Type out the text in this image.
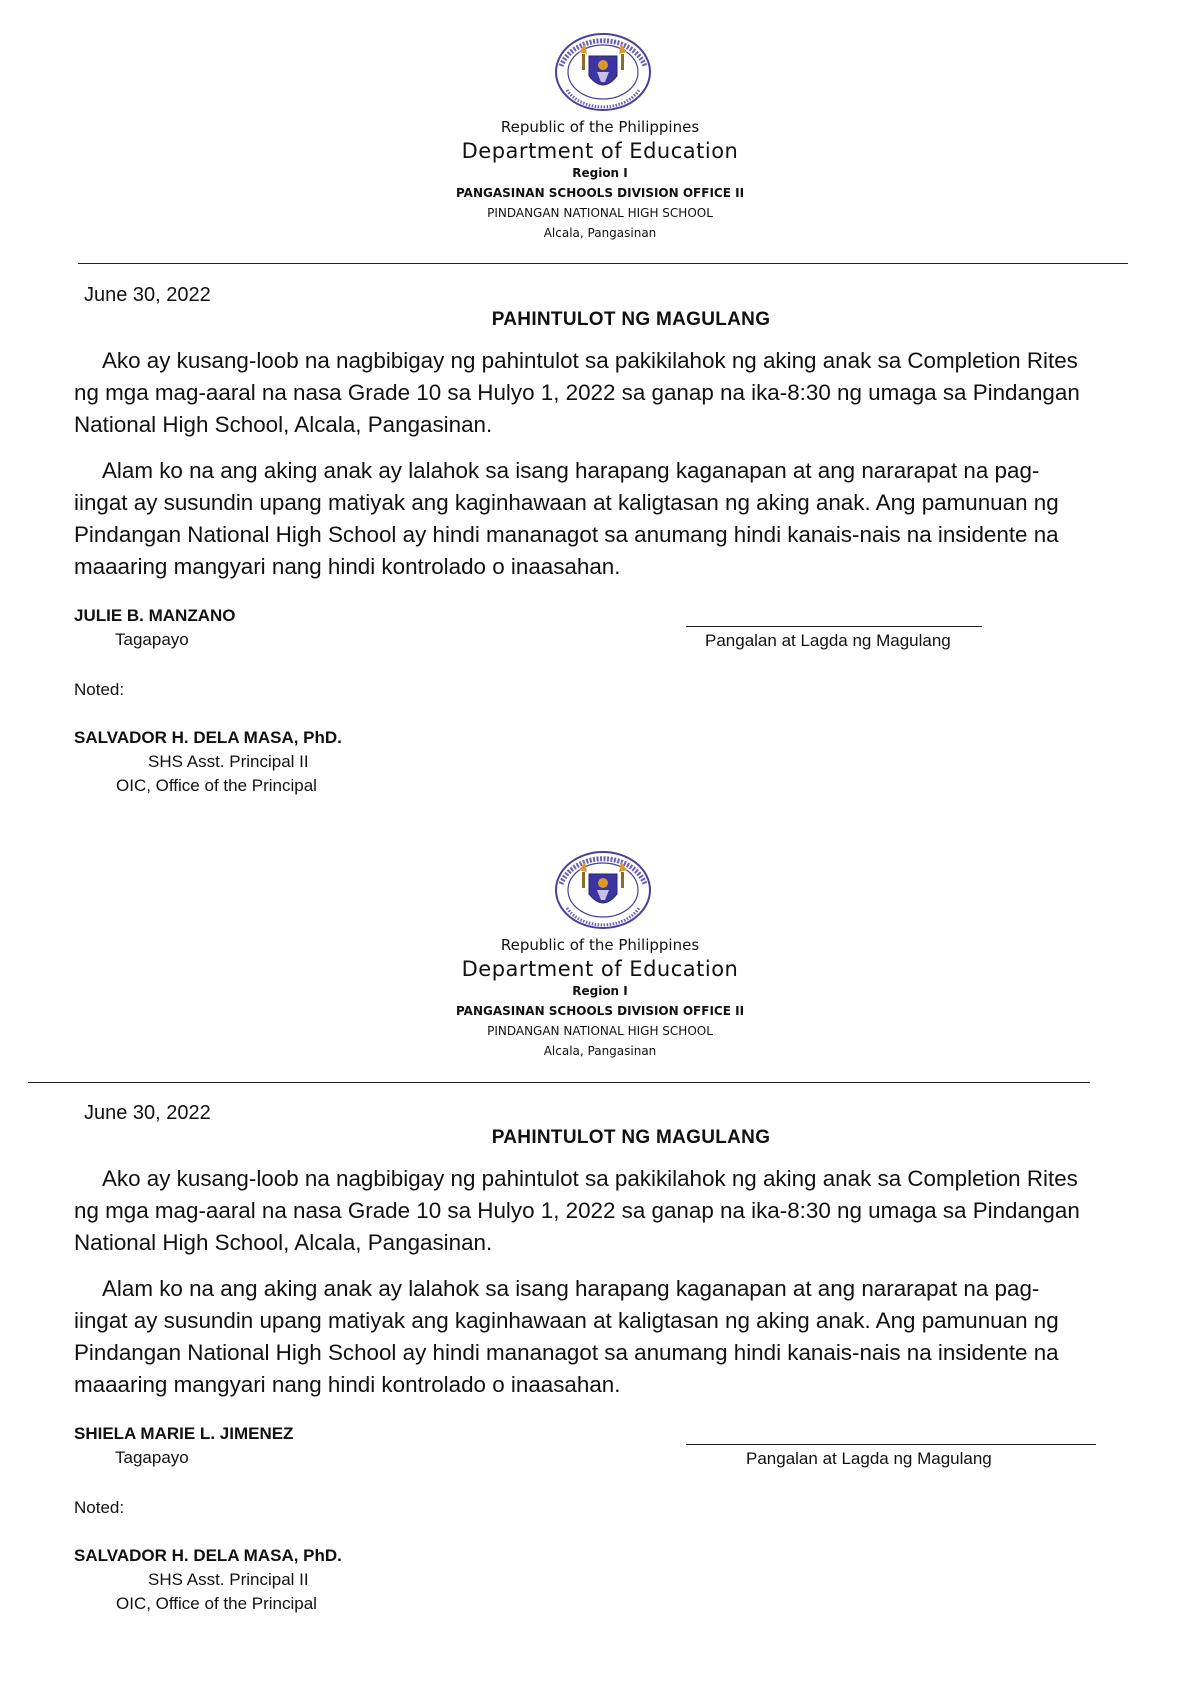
Republic of the Philippines
Department of Education
Region I
PANGASINAN SCHOOLS DIVISION OFFICE II
PINDANGAN NATIONAL HIGH SCHOOL
Alcala, Pangasinan
June 30, 2022
PAHINTULOT NG MAGULANG
Ako ay kusang-loob na nagbibigay ng pahintulot sa pakikilahok ng aking anak sa Completion Rites
ng mga mag-aaral na nasa Grade 10 sa Hulyo 1, 2022 sa ganap na ika-8:30 ng umaga sa Pindangan
National High School, Alcala, Pangasinan.
Alam ko na ang aking anak ay lalahok sa isang harapang kaganapan at ang nararapat na pag-
iingat ay susundin upang matiyak ang kaginhawaan at kaligtasan ng aking anak. Ang pamunuan ng
Pindangan National High School ay hindi mananagot sa anumang hindi kanais-nais na insidente na
maaaring mangyari nang hindi kontrolado o inaasahan.
JULIE B. MANZANO
Tagapayo	Pangalan at Lagda ng Magulang
Noted:
SALVADOR H. DELA MASA, PhD.
SHS Asst. Principal II
OIC, Office of the Principal
Republic of the Philippines
Department of Education
Region I
PANGASINAN SCHOOLS DIVISION OFFICE II
PINDANGAN NATIONAL HIGH SCHOOL
Alcala, Pangasinan
June 30, 2022
PAHINTULOT NG MAGULANG
Ako ay kusang-loob na nagbibigay ng pahintulot sa pakikilahok ng aking anak sa Completion Rites
ng mga mag-aaral na nasa Grade 10 sa Hulyo 1, 2022 sa ganap na ika-8:30 ng umaga sa Pindangan
National High School, Alcala, Pangasinan.
Alam ko na ang aking anak ay lalahok sa isang harapang kaganapan at ang nararapat na pag-
iingat ay susundin upang matiyak ang kaginhawaan at kaligtasan ng aking anak. Ang pamunuan ng
Pindangan National High School ay hindi mananagot sa anumang hindi kanais-nais na insidente na
maaaring mangyari nang hindi kontrolado o inaasahan.
SHIELA MARIE L. JIMENEZ
Tagapayo	Pangalan at Lagda ng Magulang
Noted:
SALVADOR H. DELA MASA, PhD.
SHS Asst. Principal II
OIC, Office of the Principal
